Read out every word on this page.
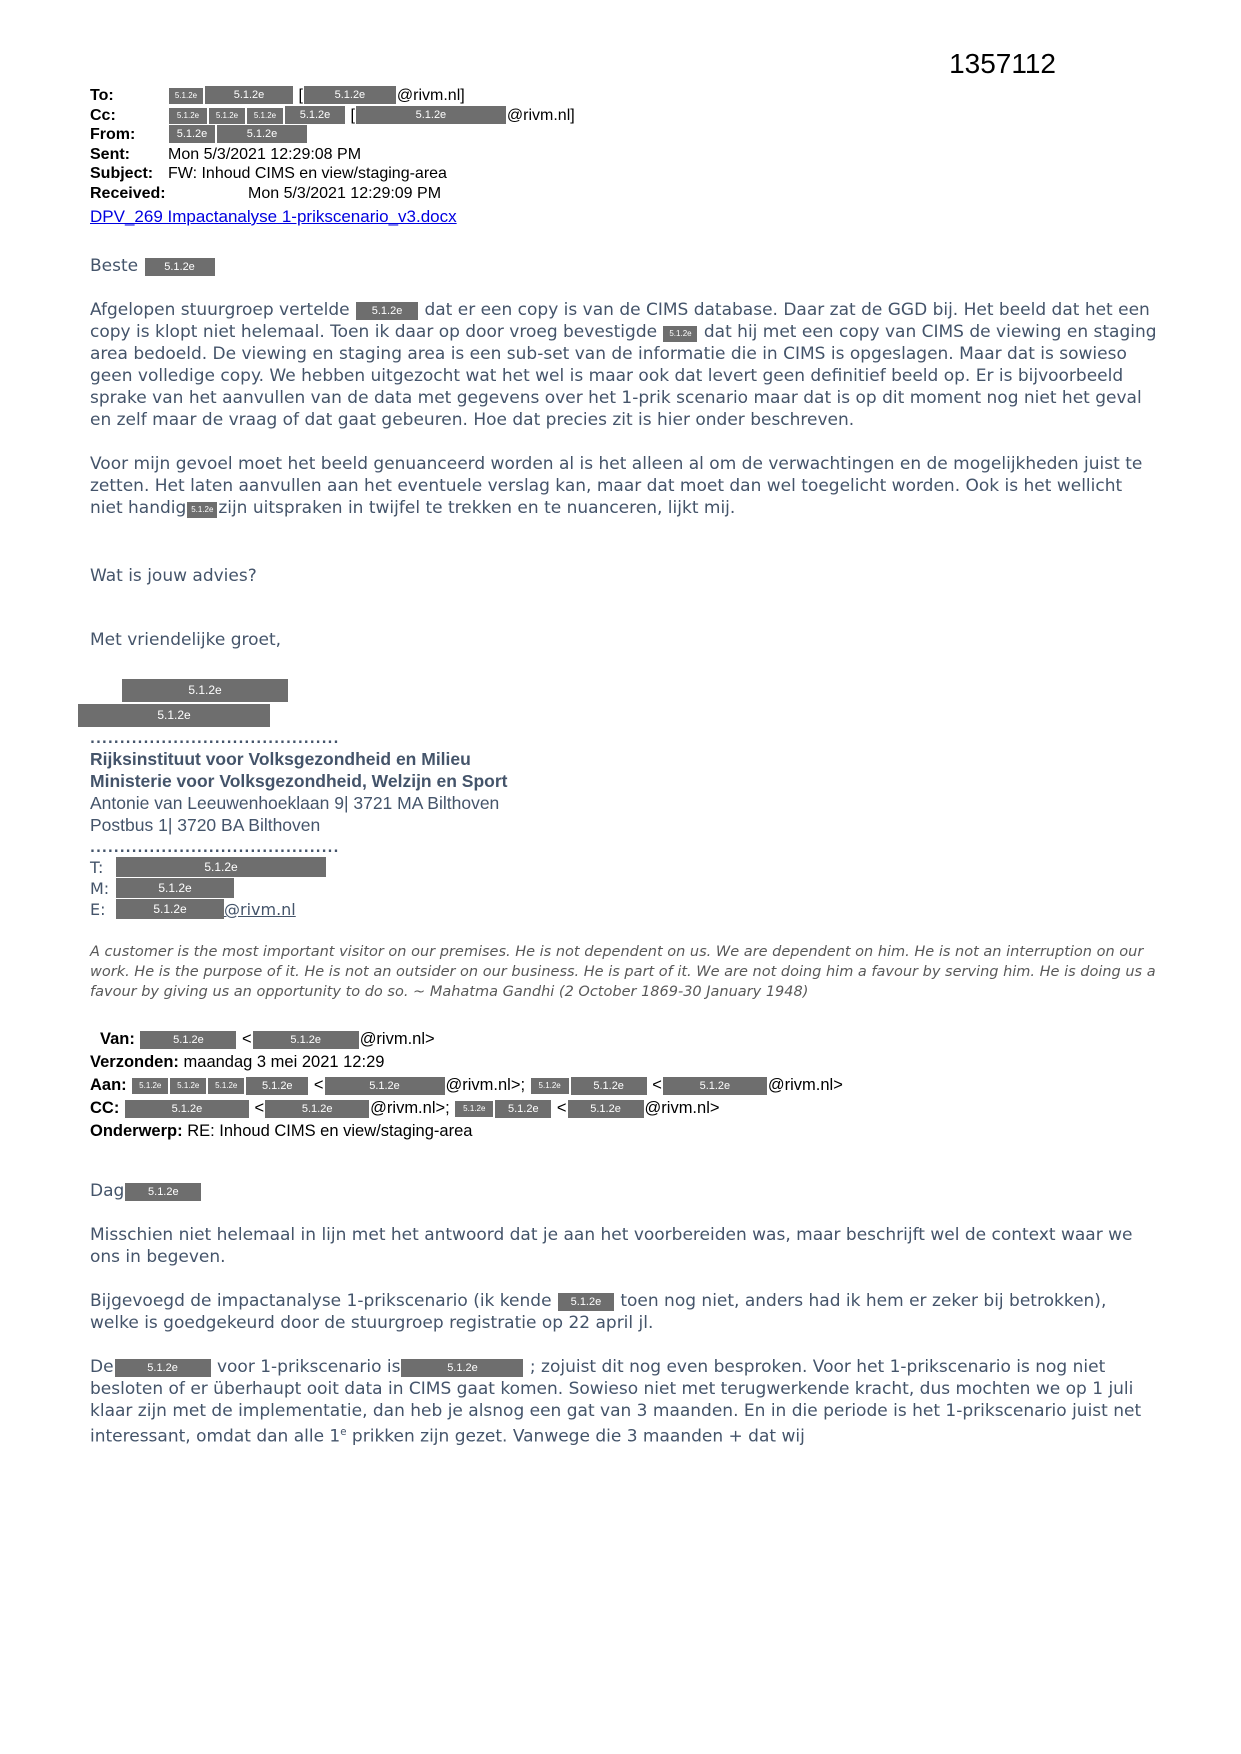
1357112
To:	5.1.2e	5.1.2e [	5.1.2e @rivm.nl]
Cc:	5.1.2e 5.1.2e 5.1.2e 5.1.2e [	5.1.2e	@rivm.nl]
From:	5.1.2e	5.1.2e
Sent:	Mon 5/3/2021 12:29:08 PM
Subject: FW: Inhoud CIMS en view/staging-area
Received:	Mon 5/3/2021 12:29:09 PM
DPV_269 Impactanalyse 1-prikscenario_v3.docx
Beste 5.1.2e

Afgelopen stuurgroep vertelde 5.1.2e dat er een copy is van de CIMS database. Daar zat de GGD bij. Het beeld dat het een copy is klopt niet helemaal. Toen ik daar op door vroeg bevestigde 5.1.2e dat hij met een copy van CIMS de viewing en staging area bedoeld. De viewing en staging area is een sub-set van de informatie die in CIMS is opgeslagen. Maar dat is sowieso geen volledige copy. We hebben uitgezocht wat het wel is maar ook dat levert geen definitief beeld op. Er is bijvoorbeeld sprake van het aanvullen van de data met gegevens over het 1-prik scenario maar dat is op dit moment nog niet het geval en zelf maar de vraag of dat gaat gebeuren. Hoe dat precies zit is hier onder beschreven.

Voor mijn gevoel moet het beeld genuanceerd worden al is het alleen al om de verwachtingen en de mogelijkheden juist te zetten. Het laten aanvullen aan het eventuele verslag kan, maar dat moet dan wel toegelicht worden. Ook is het wellicht niet handig 5.1.2e zijn uitspraken in twijfel te trekken en te nuanceren, lijkt mij.

Wat is jouw advies?
Met vriendelijke groet,
5.1.2e
5.1.2e
..........................................
Rijksinstituut voor Volksgezondheid en Milieu
Ministerie voor Volksgezondheid, Welzijn en Sport
Antonie van Leeuwenhoeklaan 9| 3721 MA Bilthoven
Postbus 1| 3720 BA Bilthoven
..........................................
T:	5.1.2e
M:	5.1.2e
E:	5.1.2e @rivm.nl
A customer is the most important visitor on our premises. He is not dependent on us. We are dependent on him. He is not an interruption on our work. He is the purpose of it. He is not an outsider on our business. He is part of it. We are not doing him a favour by serving him. He is doing us a favour by giving us an opportunity to do so. ~ Mahatma Gandhi (2 October 1869-30 January 1948)
Van:	5.1.2e <	5.1.2e @rivm.nl>
Verzonden: maandag 3 mei 2021 12:29
Aan: 5.1.2e 5.1.2e 5.1.2e 5.1.2e <	5.1.2e	@rivm.nl>; 5.1.2e	5.1.2e <	5.1.2e @rivm.nl>
CC:	5.1.2e	<	5.1.2e @rivm.nl>; 5.1.2e 5.1.2e < 5.1.2e @rivm.nl>
Onderwerp: RE: Inhoud CIMS en view/staging-area
Dag 5.1.2e

Misschien niet helemaal in lijn met het antwoord dat je aan het voorbereiden was, maar beschrijft wel de context waar we ons in begeven.

Bijgevoegd de impactanalyse 1-prikscenario (ik kende 5.1.2e toen nog niet, anders had ik hem er zeker bij betrokken), welke is goedgekeurd door de stuurgroep registratie op 22 april jl.

De	5.1.2e voor 1-prikscenario is	5.1.2e	; zojuist dit nog even besproken. Voor het 1-prikscenario is nog niet besloten of er überhaupt ooit data in CIMS gaat komen. Sowieso niet met terugwerkende kracht, dus mochten we op 1 juli klaar zijn met de implementatie, dan heb je alsnog een gat van 3 maanden. En in die periode is het 1-prikscenario juist net interessant, omdat dan alle 1e prikken zijn gezet. Vanwege die 3 maanden + dat wij
